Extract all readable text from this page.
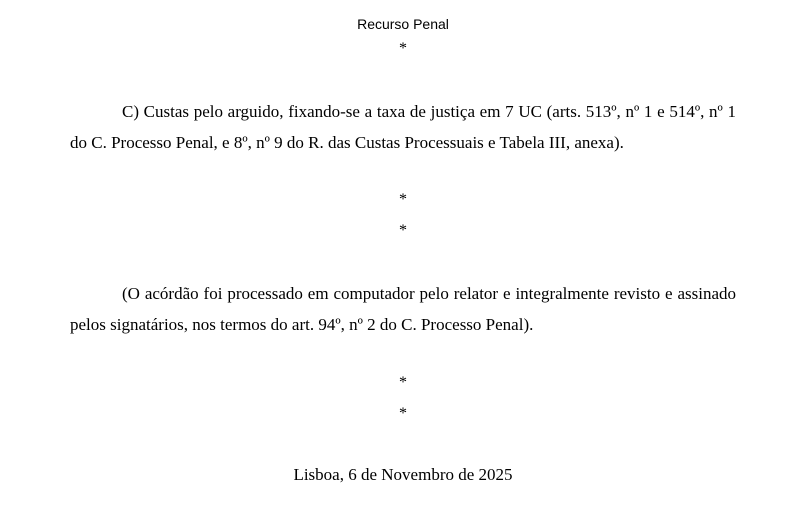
Recurso Penal
*

C) Custas pelo arguido, fixando-se a taxa de justiça em 7 UC (arts. 513º, nº 1 e 514º, nº 1 do C. Processo Penal, e 8º, nº 9 do R. das Custas Processuais e Tabela III, anexa).

*
*

(O acórdão foi processado em computador pelo relator e integralmente revisto e assinado pelos signatários, nos termos do art. 94º, nº 2 do C. Processo Penal).

*
*
Lisboa, 6 de Novembro de 2025
